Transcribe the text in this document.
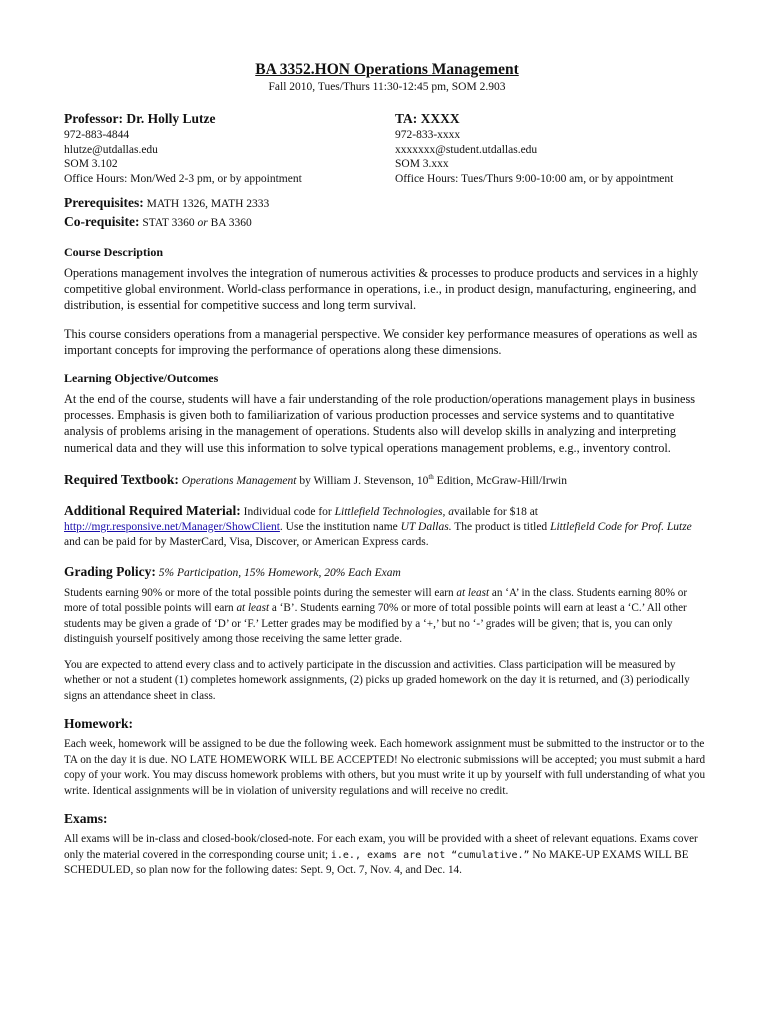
BA 3352.HON Operations Management

Fall 2010, Tues/Thurs 11:30-12:45 pm, SOM 2.903

Professor: Dr. Holly Lutze
972-883-4844
hlutze@utdallas.edu
SOM 3.102
Office Hours: Mon/Wed 2-3 pm, or by appointment
TA: XXXX
972-833-xxxx
xxxxxxx@student.utdallas.edu
SOM 3.xxx
Office Hours: Tues/Thurs 9:00-10:00 am, or by appointment
Prerequisites: MATH 1326, MATH 2333
Co-requisite: STAT 3360 or BA 3360
Course Description

Operations management involves the integration of numerous activities & processes to produce products and services in a highly competitive global environment. World-class performance in operations, i.e., in product design, manufacturing, engineering, and distribution, is essential for competitive success and long term survival.

This course considers operations from a managerial perspective. We consider key performance measures of operations as well as important concepts for improving the performance of operations along these dimensions.

Learning Objective/Outcomes

At the end of the course, students will have a fair understanding of the role production/operations management plays in business processes. Emphasis is given both to familiarization of various production processes and service systems and to quantitative analysis of problems arising in the management of operations. Students also will develop skills in analyzing and interpreting numerical data and they will use this information to solve typical operations management problems, e.g., inventory control.

Required Textbook: Operations Management by William J. Stevenson, 10th Edition, McGraw-Hill/Irwin
Additional Required Material: Individual code for Littlefield Technologies, available for $18 at
http://mgr.responsive.net/Manager/ShowClient. Use the institution name UT Dallas. The product is titled Littlefield Code for Prof. Lutze and can be paid for by MasterCard, Visa, Discover, or American Express cards.
Grading Policy: 5% Participation, 15% Homework, 20% Each Exam

Students earning 90% or more of the total possible points during the semester will earn at least an ‘A’ in the class. Students earning 80% or more of total possible points will earn at least a ‘B’. Students earning 70% or more of total possible points will earn at least a ‘C.’ All other students may be given a grade of ‘D’ or ‘F.’ Letter grades may be modified by a ‘+,’ but no ‘-’ grades will be given; that is, you can only distinguish yourself positively among those receiving the same letter grade.

You are expected to attend every class and to actively participate in the discussion and activities. Class participation will be measured by whether or not a student (1) completes homework assignments, (2) picks up graded homework on the day it is returned, and (3) periodically signs an attendance sheet in class.

Homework:

Each week, homework will be assigned to be due the following week. Each homework assignment must be submitted to the instructor or to the TA on the day it is due. NO LATE HOMEWORK WILL BE ACCEPTED! No electronic submissions will be accepted; you must submit a hard copy of your work. You may discuss homework problems with others, but you must write it up by yourself with full understanding of what you write. Identical assignments will be in violation of university regulations and will receive no credit.

Exams:

All exams will be in-class and closed-book/closed-note. For each exam, you will be provided with a sheet of relevant equations. Exams cover only the material covered in the corresponding course unit; i.e., exams are not “cumulative.” No MAKE-UP EXAMS WILL BE SCHEDULED, so plan now for the following dates: Sept. 9, Oct. 7, Nov. 4, and Dec. 14.
